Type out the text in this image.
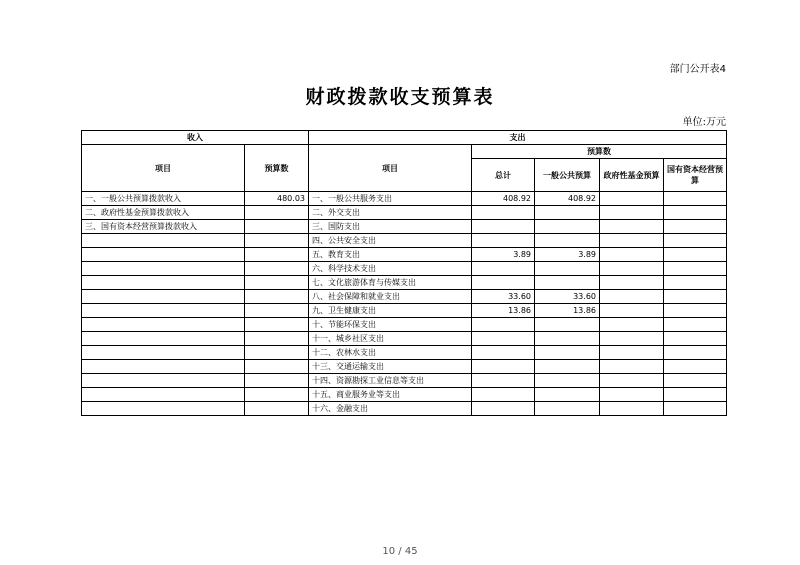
部门公开表4
财政拨款收支预算表
单位:万元
收入		支出				
项目	预算数	项目	预算数			
			总计	一般公共预算	政府性基金预算	国有资本经营预算
一、一般公共预算拨款收入	480.03	一、一般公共服务支出	408.92	408.92		
二、政府性基金预算拨款收入		二、外交支出				
三、国有资本经营预算拨款收入		三、国防支出				
		四、公共安全支出				
		五、教育支出	3.89	3.89		
		六、科学技术支出				
		七、文化旅游体育与传媒支出				
		八、社会保障和就业支出	33.60	33.60		
		九、卫生健康支出	13.86	13.86		
		十、节能环保支出				
		十一、城乡社区支出				
		十二、农林水支出				
		十三、交通运输支出				
		十四、资源勘探工业信息等支出				
		十五、商业服务业等支出				
		十六、金融支出				
10 / 45
